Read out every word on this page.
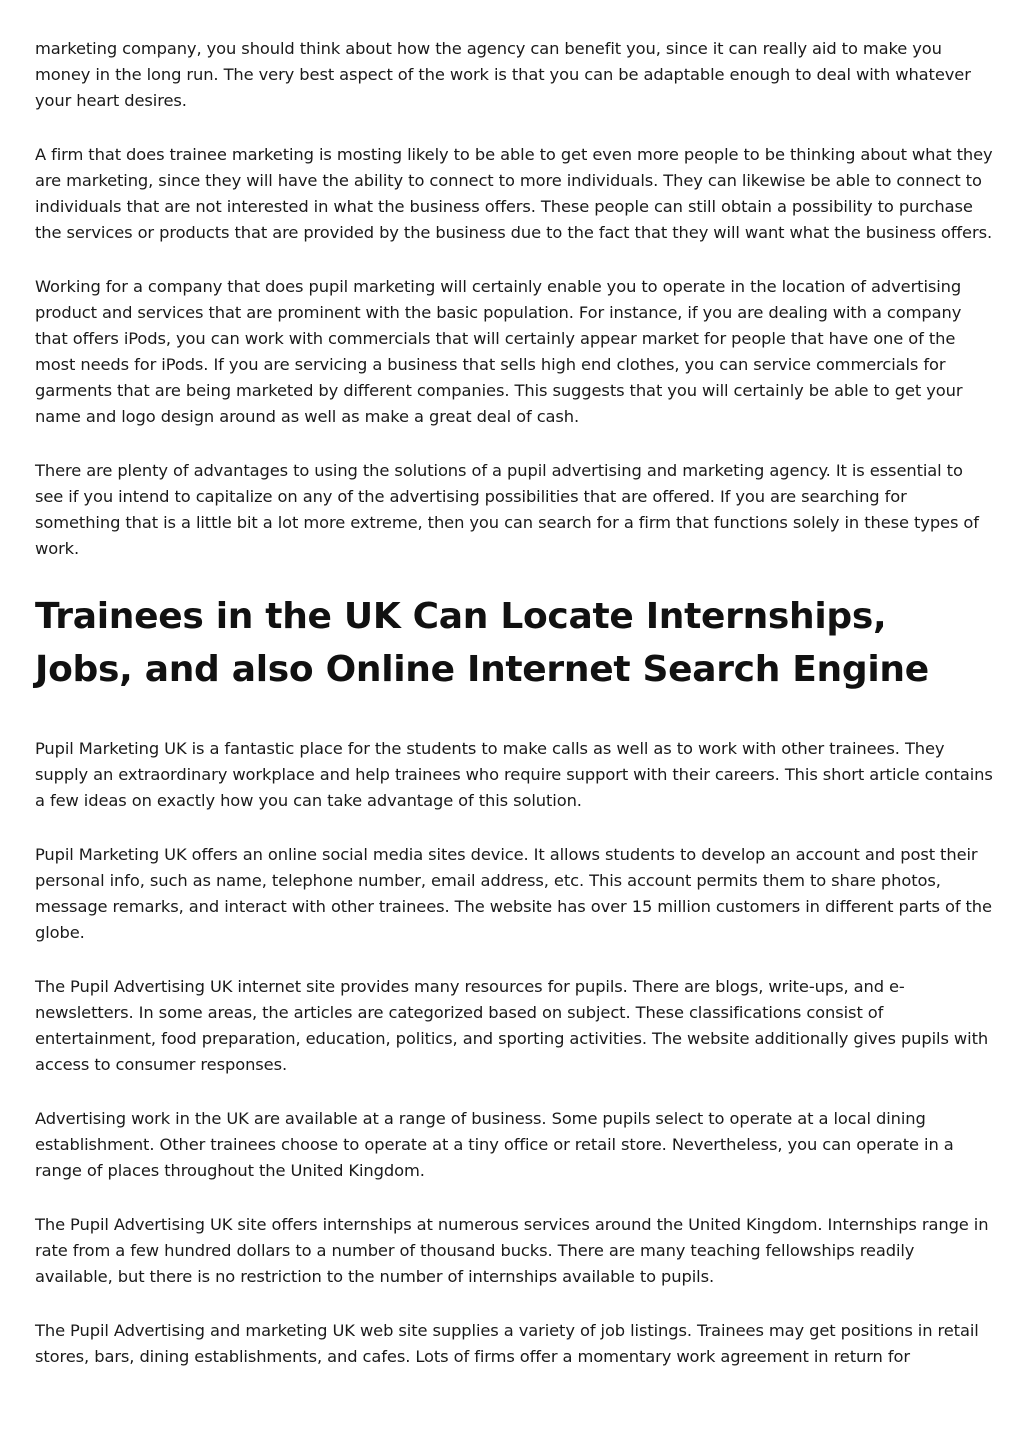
marketing company, you should think about how the agency can benefit you, since it can really aid to make you money in the long run. The very best aspect of the work is that you can be adaptable enough to deal with whatever your heart desires.

A firm that does trainee marketing is mosting likely to be able to get even more people to be thinking about what they are marketing, since they will have the ability to connect to more individuals. They can likewise be able to connect to individuals that are not interested in what the business offers. These people can still obtain a possibility to purchase the services or products that are provided by the business due to the fact that they will want what the business offers.

Working for a company that does pupil marketing will certainly enable you to operate in the location of advertising product and services that are prominent with the basic population. For instance, if you are dealing with a company that offers iPods, you can work with commercials that will certainly appear market for people that have one of the most needs for iPods. If you are servicing a business that sells high end clothes, you can service commercials for garments that are being marketed by different companies. This suggests that you will certainly be able to get your name and logo design around as well as make a great deal of cash.

There are plenty of advantages to using the solutions of a pupil advertising and marketing agency. It is essential to see if you intend to capitalize on any of the advertising possibilities that are offered. If you are searching for something that is a little bit a lot more extreme, then you can search for a firm that functions solely in these types of work.

Trainees in the UK Can Locate Internships, Jobs, and also Online Internet Search Engine

Pupil Marketing UK is a fantastic place for the students to make calls as well as to work with other trainees. They supply an extraordinary workplace and help trainees who require support with their careers. This short article contains a few ideas on exactly how you can take advantage of this solution.

Pupil Marketing UK offers an online social media sites device. It allows students to develop an account and post their personal info, such as name, telephone number, email address, etc. This account permits them to share photos, message remarks, and interact with other trainees. The website has over 15 million customers in different parts of the globe.

The Pupil Advertising UK internet site provides many resources for pupils. There are blogs, write-ups, and e-newsletters. In some areas, the articles are categorized based on subject. These classifications consist of entertainment, food preparation, education, politics, and sporting activities. The website additionally gives pupils with access to consumer responses.

Advertising work in the UK are available at a range of business. Some pupils select to operate at a local dining establishment. Other trainees choose to operate at a tiny office or retail store. Nevertheless, you can operate in a range of places throughout the United Kingdom.

The Pupil Advertising UK site offers internships at numerous services around the United Kingdom. Internships range in rate from a few hundred dollars to a number of thousand bucks. There are many teaching fellowships readily available, but there is no restriction to the number of internships available to pupils.

The Pupil Advertising and marketing UK web site supplies a variety of job listings. Trainees may get positions in retail stores, bars, dining establishments, and cafes. Lots of firms offer a momentary work agreement in return for
